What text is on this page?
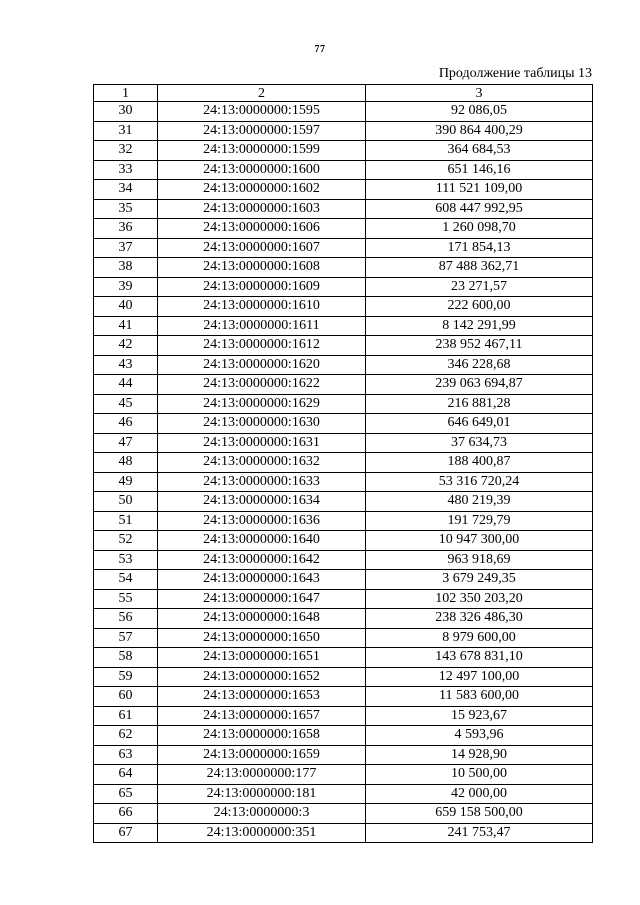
77
Продолжение таблицы 13
1	2	3
30	24:13:0000000:1595	92 086,05
31	24:13:0000000:1597	390 864 400,29
32	24:13:0000000:1599	364 684,53
33	24:13:0000000:1600	651 146,16
34	24:13:0000000:1602	111 521 109,00
35	24:13:0000000:1603	608 447 992,95
36	24:13:0000000:1606	1 260 098,70
37	24:13:0000000:1607	171 854,13
38	24:13:0000000:1608	87 488 362,71
39	24:13:0000000:1609	23 271,57
40	24:13:0000000:1610	222 600,00
41	24:13:0000000:1611	8 142 291,99
42	24:13:0000000:1612	238 952 467,11
43	24:13:0000000:1620	346 228,68
44	24:13:0000000:1622	239 063 694,87
45	24:13:0000000:1629	216 881,28
46	24:13:0000000:1630	646 649,01
47	24:13:0000000:1631	37 634,73
48	24:13:0000000:1632	188 400,87
49	24:13:0000000:1633	53 316 720,24
50	24:13:0000000:1634	480 219,39
51	24:13:0000000:1636	191 729,79
52	24:13:0000000:1640	10 947 300,00
53	24:13:0000000:1642	963 918,69
54	24:13:0000000:1643	3 679 249,35
55	24:13:0000000:1647	102 350 203,20
56	24:13:0000000:1648	238 326 486,30
57	24:13:0000000:1650	8 979 600,00
58	24:13:0000000:1651	143 678 831,10
59	24:13:0000000:1652	12 497 100,00
60	24:13:0000000:1653	11 583 600,00
61	24:13:0000000:1657	15 923,67
62	24:13:0000000:1658	4 593,96
63	24:13:0000000:1659	14 928,90
64	24:13:0000000:177	10 500,00
65	24:13:0000000:181	42 000,00
66	24:13:0000000:3	659 158 500,00
67	24:13:0000000:351	241 753,47
